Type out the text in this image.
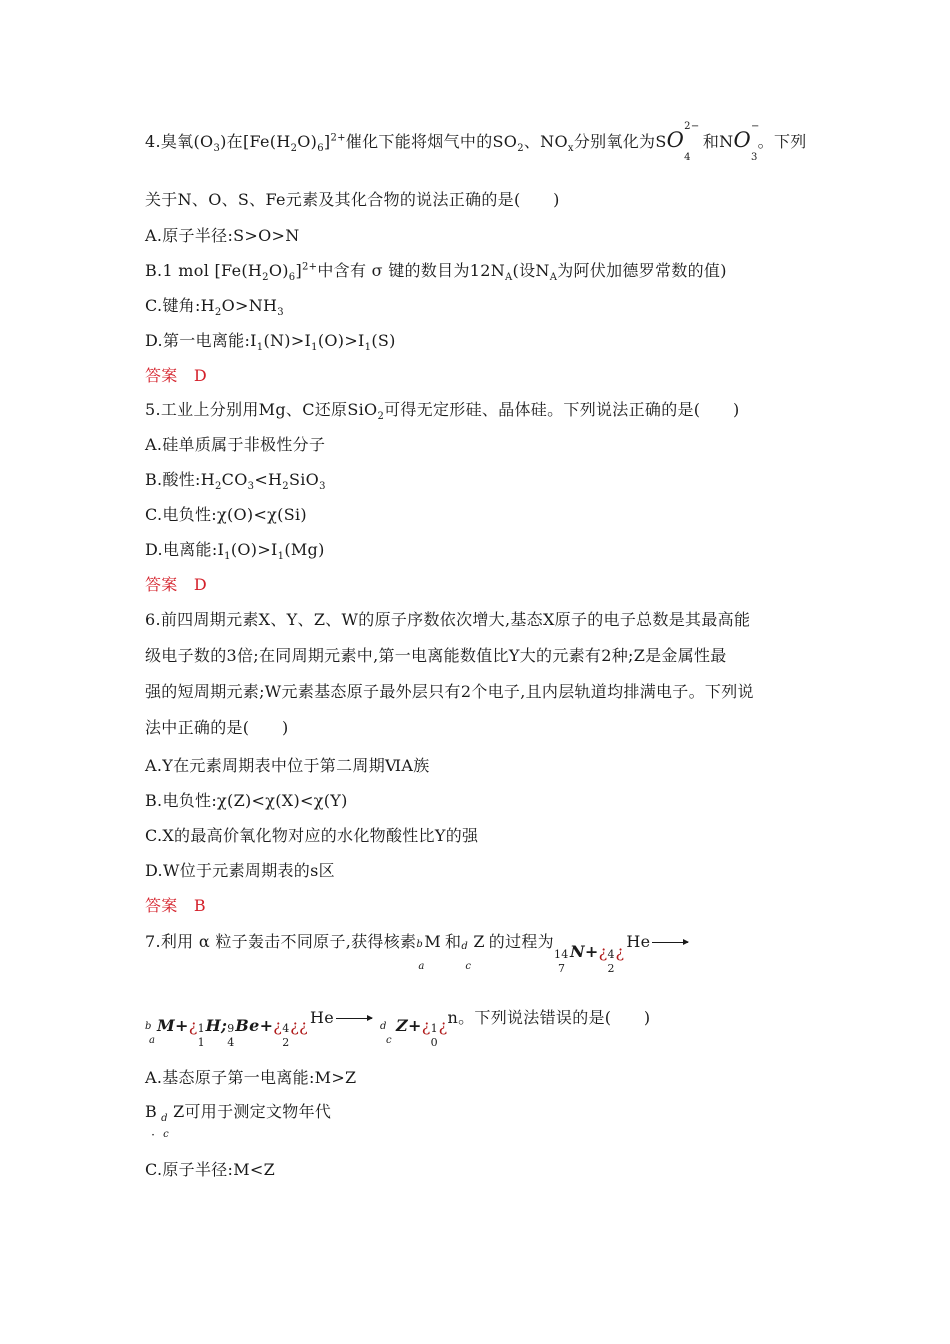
4.臭氧$(O_3)$在$[Fe(H_2O)_6]^{2+}$催化下能将烟气中的$SO_2$、$NO_x$分别氧化为SO
2−
$_4$和NO
−
$_3$。下列
关于N、O、S、Fe元素及其化合物的说法正确的是(　　)
A.原子半径:S>O>N
B.1 mol $[Fe(H_2O)_6]^{2+}$中含有 σ 键的数目为$12N_A$(设$N_A$为阿伏加德罗常数的值)
C.键角$:H_2O>NH_3$
D.第一电离能$:I_1(N)>I_1(O)>I_1(S)$
答案　D
5.工业上分别用Mg、C还原SiO$_2$可得无定形硅、晶体硅。下列说法正确的是(　　)
A.硅单质属于非极性分子
B.酸性$:H_2CO_3<H_2SiO_3$
C.电负性:χ(O)<χ(Si)
D.电离能$:I_1(O)>I_1(Mg)$
答案　D
6.前四周期元素X、Y、Z、W的原子序数依次增大,基态X原子的电子总数是其最高能
级电子数的3倍;在同周期元素中,第一电离能数值比Y大的元素有2种;Z是金属性最
强的短周期元素;W元素基态原子最外层只有2个电子,且内层轨道均排满电子。下列说
法中正确的是(　　)
A.Y在元素周期表中位于第二周期ⅥA族
B.电负性:χ(Z)<χ(X)<χ(Y)
C.X的最高价氧化物对应的水化物酸性比Y的强
D.W位于元素周期表的s区
答案　B
7.利用 α 粒子轰击不同原子,获得核素 b
a
M 和 d
c
Z 的过程为
14
7
N+¿ 4
2
¿He →
b
a
M+¿ 1
1
H; 9
4
Be+¿ 4
2
¿¿ He →
d
c
Z+¿ 1
0
¿n。下列说法错误的是(　　)
A.基态原子第一电离能:M>Z
B d
· c
Z可用于测定文物年代
C.原子半径:M<Z
